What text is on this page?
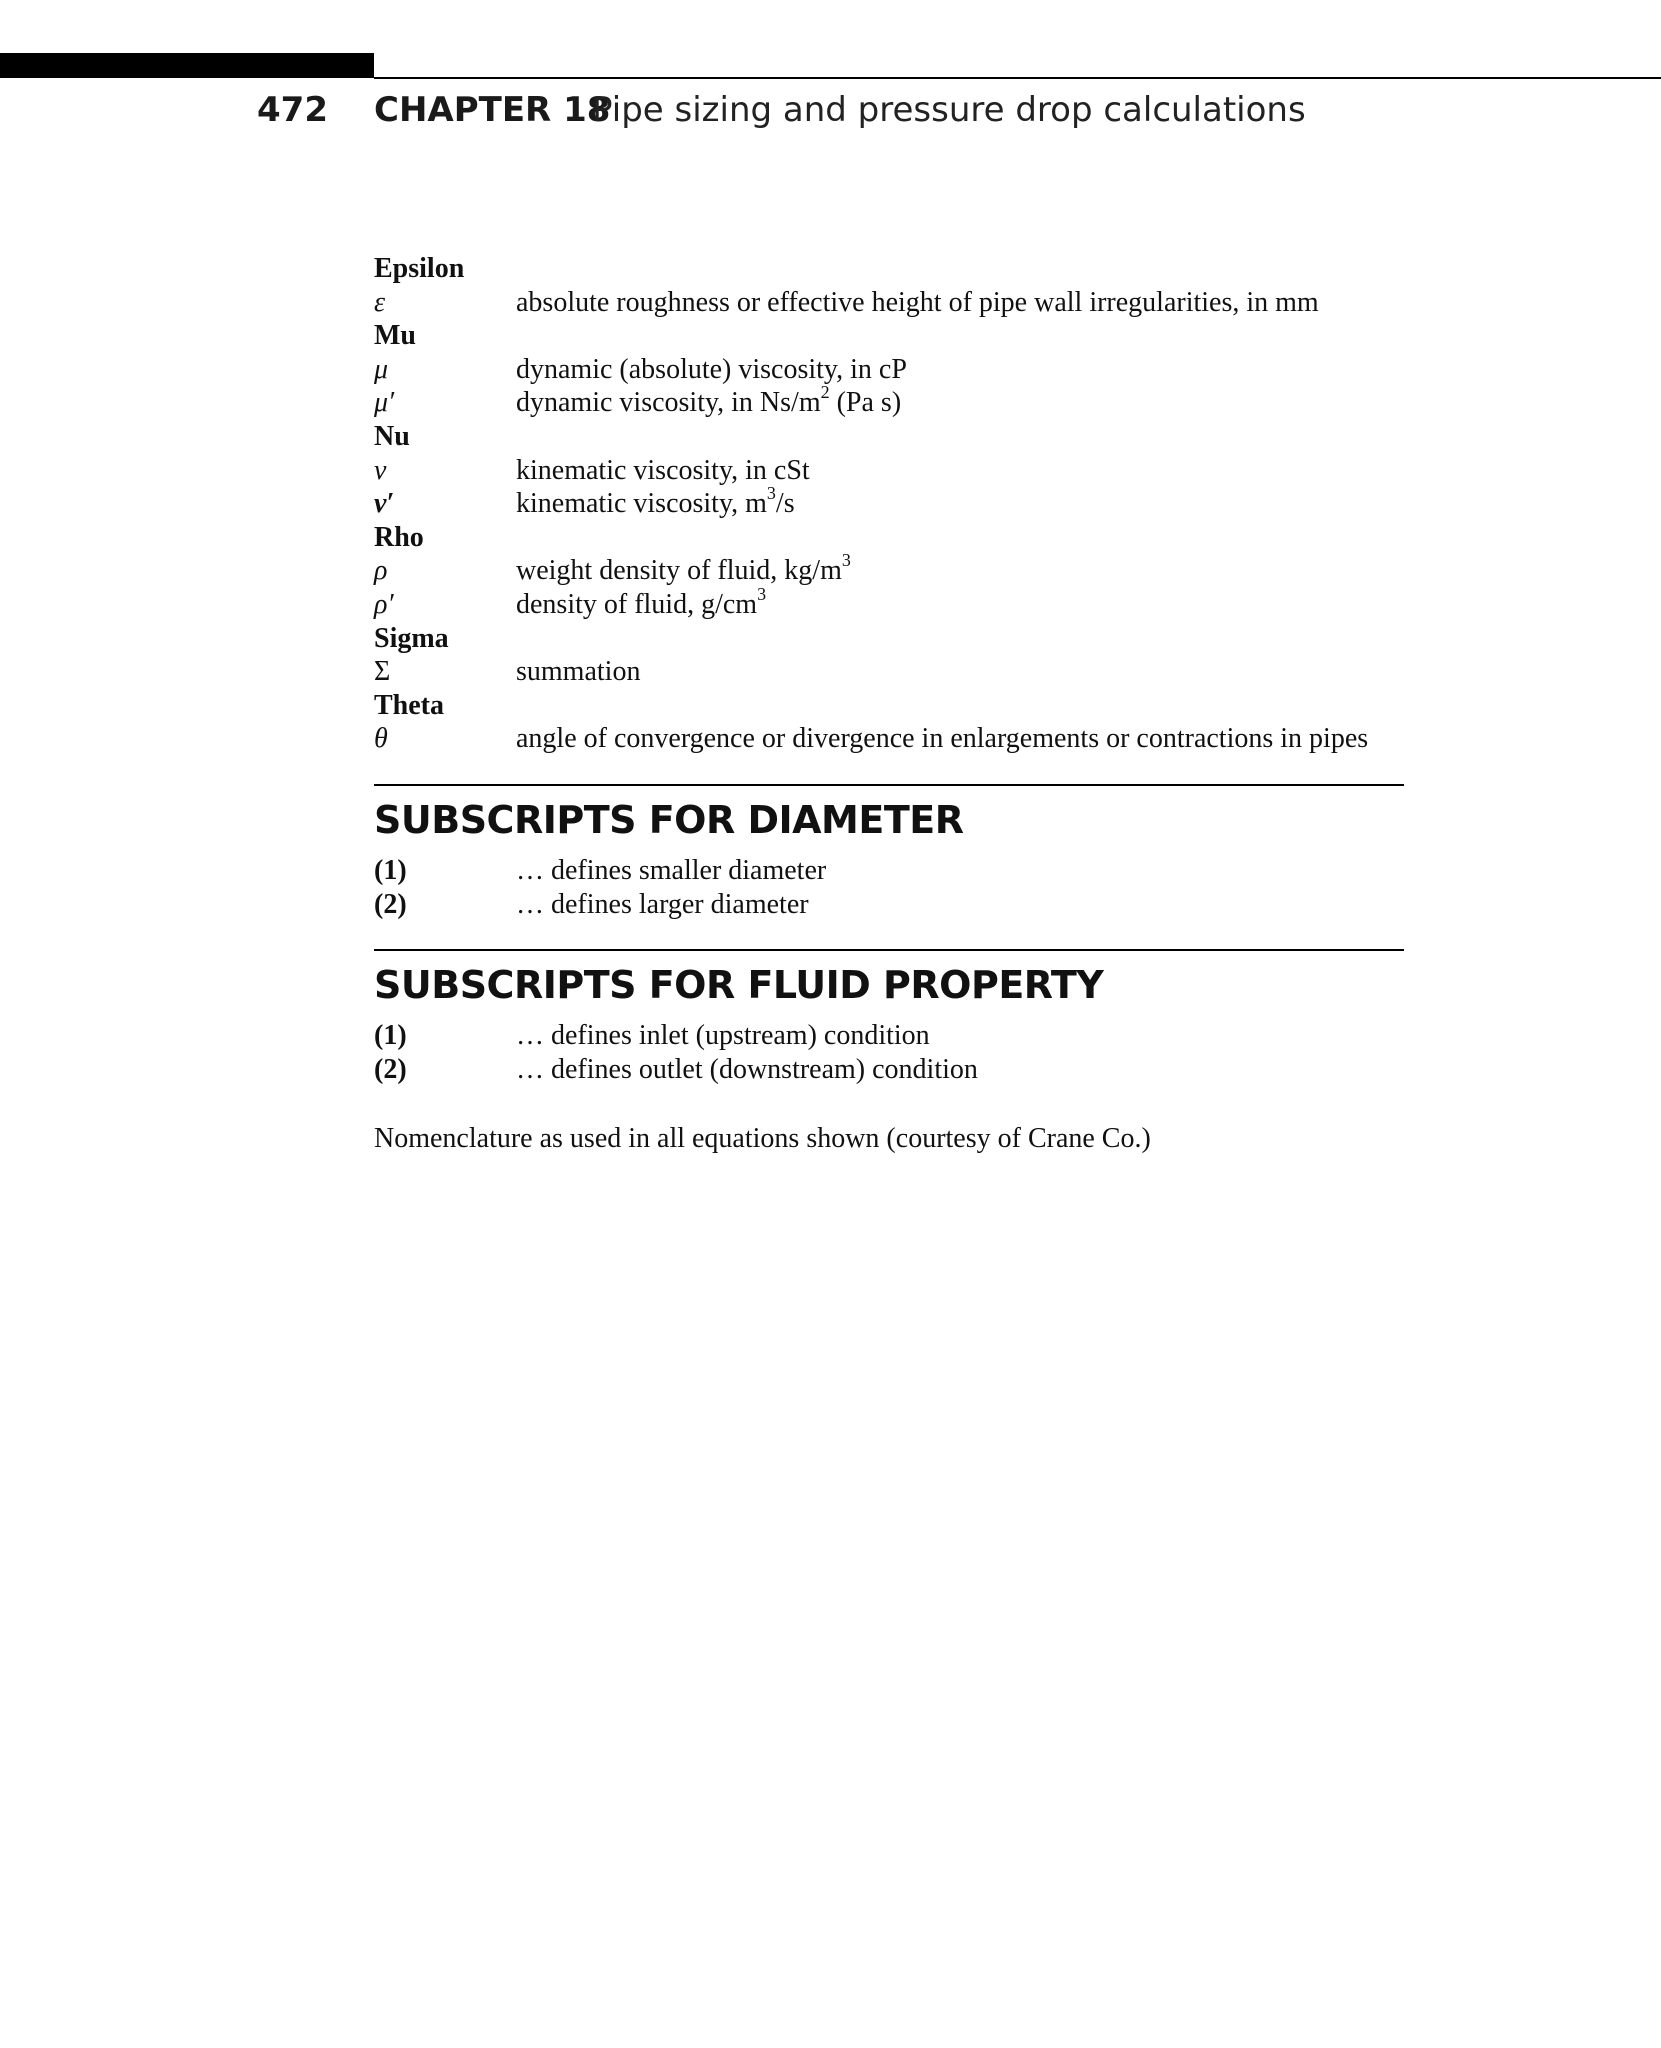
472 CHAPTER 18
Pipe sizing and pressure drop calculations
Epsilon
ε	absolute roughness or effective height of pipe wall irregularities, in mm
Mu
μ	dynamic (absolute) viscosity, in cP
μ′	dynamic viscosity, in $Ns/m^2$ (Pa s)
Nu
ν	kinematic viscosity, in cSt
ν′	kinematic viscosity, $m^3/s$
Rho
ρ	weight density of fluid, $kg/m^3$
ρ′	density of fluid, $g/cm^3$
Sigma
Σ	summation
Theta
θ	angle of convergence or divergence in enlargements or contractions in pipes
SUBSCRIPTS FOR DIAMETER
(1)	… defines smaller diameter
(2)	… defines larger diameter
SUBSCRIPTS FOR FLUID PROPERTY
(1)	… defines inlet (upstream) condition
(2)	… defines outlet (downstream) condition
Nomenclature as used in all equations shown (courtesy of Crane Co.)
